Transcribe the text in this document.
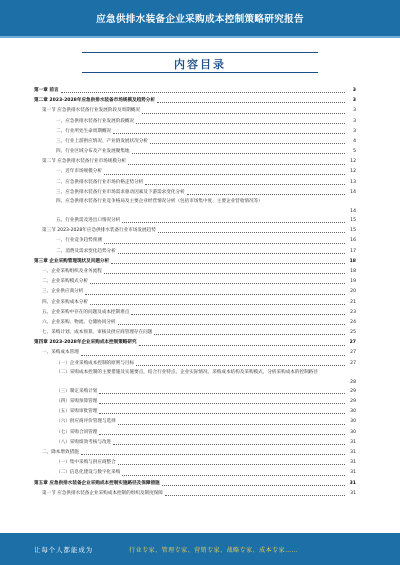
应急供排水装备企业采购成本控制策略研究报告
内容目录
第一章 前言	3
第二章 2023-2028年应急供排水装备市场规模及趋势分析	3
第一节 应急供排水装备行业发展阶段及周期概况	3
一、应急供排水装备行业发展阶段概况	3
二、行业所处生命周期概况	3
三、行业上游供应情况、产业链发展状况分析	4
四、行业区域分布及产业发展聚集地	5
第二节 应急供排水装备行业市场规模分析	12
一、近年市场规模分析	12
二、应急供排水装备行业市场价格走势分析	13
三、应急供排水装备行业市场需求驱动因素及下游需求变化分析	14
四、应急供排水装备行业竞争格局及主要企业经营情况分析（包括市场集中度、主要企业营收情况等）
14
五、行业供需及进出口情况分析	15
第三节 2023-2028年应急供排水装备行业市场发展趋势	15
一、行业竞争趋势预测	16
二、消费及需求变化趋势分析	17
第三章 企业采购管理现状及问题分析	18
一、企业采购组织及业务流程	18
二、企业采购模式分析	19
三、企业供应商分析	20
四、企业采购成本分析	21
五、企业采购中存在的问题及成本控制难点	23
六、企业采购、物流、仓储协同分析	24
七、采购计划、成本预算、审核及供应商管理存在问题	25
第四章 2023-2028年企业采购成本控制策略研究	27
一、采购成本管理	27
（一）企业采购成本控制的原则与目标	27
（二）采购成本控制的主要措施及实施要点，结合行业特点、企业实际情况、采购成本结构及采购模式，分析采购成本的控制路径
28
（三）制定采购计划	29
（四）采购预算管理	29
（五）采购审批管理	30
（六）供应商评价管理与选择	30
（七）采购合同管理	30
（八）采购绩效考核与改进	31
二、降本增效措施	31
（一）集中采购与供应商整合	31
（二）信息化建设与数字化采购	31
第五章 应急供排水装备企业采购成本控制实施路径及保障措施	31
第一节 应急供排水装备企业采购成本控制的组织及制度保障	31
让每个人都能成为	行业专家、管理专家、营销专家、战略专家、成本专家……
